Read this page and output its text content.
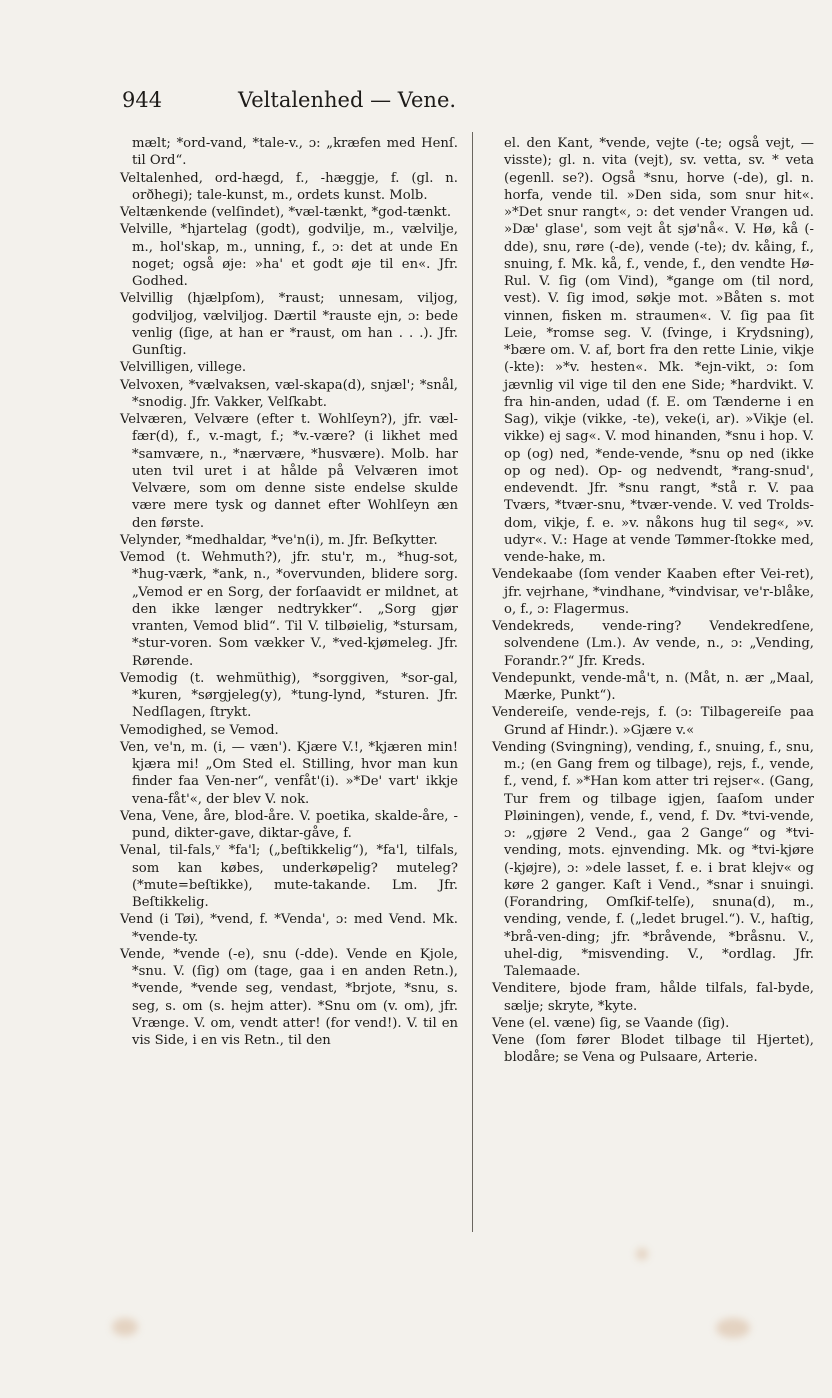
944	Veltalenhed — Vene.

mælt; *ord-vand, *tale-v., ɔ: „kræfen med Henſ. til Ord“.

Veltalenhed, ord-hægd, f., -hæggje, f. (gl. n. orðhegi); tale-kunst, m., ordets kunst. Molb.

Veltænkende (velſindet), *væl-tænkt, *god-tænkt.

Velville, *hjartelag (godt), godvilje, m., vælvilje, m., hol'skap, m., unning, f., ɔ: det at unde En noget; også øje: »ha' et godt øje til en«. Jfr. Godhed.

Velvillig (hjælpſom), *raust; unnesam, viljog, godviljog, vælviljog. Dærtil *rauste ejn, ɔ: bede venlig (ſige, at han er *raust, om han . . .). Jfr. Gunſtig.

Velvilligen, villege.

Velvoxen, *vælvaksen, væl-skapa(d), snjæl'; *snål, *snodig. Jfr. Vakker, Velſkabt.

Velværen, Velvære (efter t. Wohlſeyn?), jfr. væl-fær(d), f., v.-magt, f.; *v.-være? (i likhet med *samvære, n., *nærvære, *husvære). Molb. har uten tvil uret i at hålde på Velværen imot Velvære, som om denne siste endelse skulde være mere tysk og dannet efter Wohlſeyn æn den første.

Velynder, *medhaldar, *ve'n(i), m. Jfr. Beſkytter.

Vemod (t. Wehmuth?), jfr. stu'r, m., *hug-sot, *hug-værk, *ank, n., *overvunden, blidere sorg. „Vemod er en Sorg, der forſaavidt er mildnet, at den ikke længer nedtrykker“. „Sorg gjør vranten, Vemod blid“. Til V. tilbøielig, *stursam, *stur-voren. Som vækker V., *ved-kjømeleg. Jfr. Rørende.

Vemodig (t. wehmüthig), *sorggiven, *sor-gal, *kuren, *sørgjeleg(y), *tung-lynd, *sturen. Jfr. Nedſlagen, ſtrykt.

Vemodighed, se Vemod.

Ven, ve'n, m. (i, — væn'). Kjære V.!, *kjæren min! kjæra mi! „Om Sted el. Stilling, hvor man kun finder faa Ven-ner“, venfåt'(i). »*De' vart' ikkje vena-fåt'«, der blev V. nok.

Vena, Vene, åre, blod-åre. V. poetika, skalde-åre, -pund, dikter-gave, diktar-gåve, f.

Venal, til-fals,ᵛ *fa'l; („beſtikkelig“), *fa'l, tilfals, som kan købes, underkøpelig? muteleg? (*mute=beſtikke), mute-takande. Lm. Jfr. Beſtikkelig.

Vend (i Tøi), *vend, f. *Venda', ɔ: med Vend. Mk. *vende-ty.

Vende, *vende (-e), snu (-dde). Vende en Kjole, *snu. V. (ſig) om (tage, gaa i en anden Retn.), *vende, *vende seg, vendast, *brjote, *snu, s. seg, s. om (s. hejm atter). *Snu om (v. om), jfr. Vrænge. V. om, vendt atter! (for vend!). V. til en vis Side, i en vis Retn., til den

el. den Kant, *vende, vejte (-te; også vejt, — visste); gl. n. vita (vejt), sv. vetta, sv. * veta (egenll. se?). Også *snu, horve (-de), gl. n. horfa, vende til. »Den sida, som snur hit«. »*Det snur rangt«, ɔ: det vender Vrangen ud. »Dæ' glase', som vejt åt sjø'nå«. V. Hø, kå (-dde), snu, røre (-de), vende (-te); dv. kåing, f., snuing, f. Mk. kå, f., vende, f., den vendte Hø-Rul. V. ſig (om Vind), *gange om (til nord, vest). V. ſig imod, søkje mot. »Båten s. mot vinnen, fisken m. straumen«. V. ſig paa ſit Leie, *romse seg. V. (ſvinge, i Krydsning), *bære om. V. af, bort fra den rette Linie, vikje (-kte): »*v. hesten«. Mk. *ejn-vikt, ɔ: ſom jævnlig vil vige til den ene Side; *hardvikt. V. fra hin-anden, udad (f. E. om Tænderne i en Sag), vikje (vikke, -te), veke(i, ar). »Vikje (el. vikke) ej sag«. V. mod hinanden, *snu i hop. V. op (og) ned, *ende-vende, *snu op ned (ikke op og ned). Op- og nedvendt, *rang-snud', endevendt. Jfr. *snu rangt, *stå r. V. paa Tværs, *tvær-snu, *tvær-vende. V. ved Trolds-dom, vikje, f. e. »v. nåkons hug til seg«, »v. udyr«. V.: Hage at vende Tømmer-ſtokke med, vende-hake, m.

Vendekaabe (ſom vender Kaaben efter Vei-ret), jfr. vejrhane, *vindhane, *vindvisar, ve'r-blåke, o, f., ɔ: Flagermus.

Vendekreds, vende-ring? Vendekredſene, solvendene (Lm.). Av vende, n., ɔ: „Vending, Forandr.?“ Jfr. Kreds.

Vendepunkt, vende-må't, n. (Måt, n. ær „Maal, Mærke, Punkt“).

Vendereiſe, vende-rejs, f. (ɔ: Tilbagereiſe paa Grund af Hindr.). »Gjære v.«

Vending (Svingning), vending, f., snuing, f., snu, m.; (en Gang frem og tilbage), rejs, f., vende, f., vend, f. »*Han kom atter tri rejser«. (Gang, Tur frem og tilbage igjen, ſaaſom under Pløiningen), vende, f., vend, f. Dv. *tvi-vende, ɔ: „gjøre 2 Vend., gaa 2 Gange“ og *tvi-vending, mots. ejnvending. Mk. og *tvi-kjøre (-kjøjre), ɔ: »dele lasset, f. e. i brat klejv« og køre 2 ganger. Kaſt i Vend., *snar i snuingi. (Forandring, Omſkif-telſe), snuna(d), m., vending, vende, f. („ledet brugel.“). V., haſtig, *brå-ven-ding; jfr. *bråvende, *bråsnu. V., uhel-dig, *misvending. V., *ordlag. Jfr. Talemaade.

Venditere, bjode fram, hålde tilfals, fal-byde, sælje; skryte, *kyte.

Vene (el. væne) ſig, se Vaande (ſig).

Vene (ſom fører Blodet tilbage til Hjertet), blodåre; se Vena og Pulsaare, Arterie.
